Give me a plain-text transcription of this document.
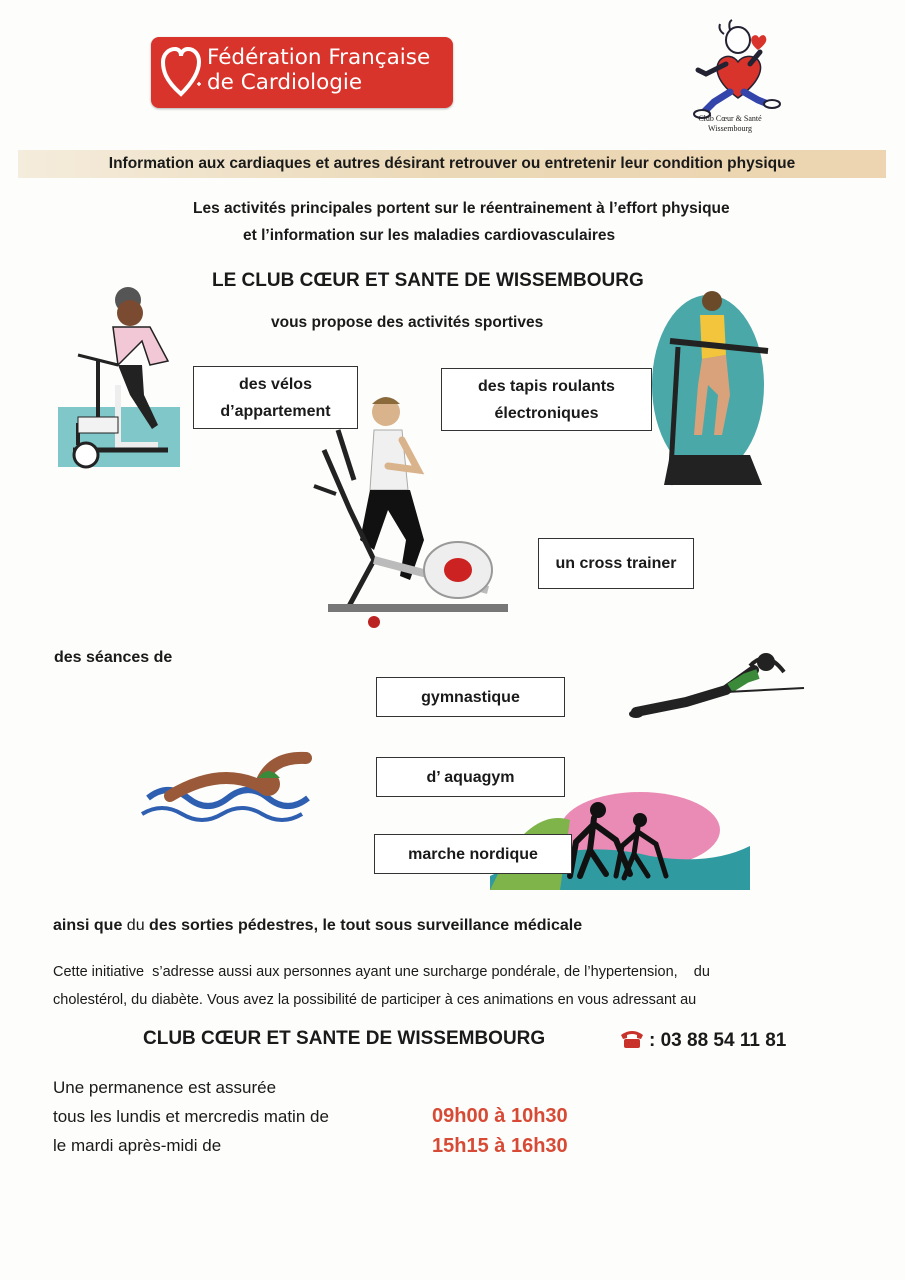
Fédération Française
de Cardiologie
Club Cœur & Santé
Wissembourg
Information aux cardiaques et autres désirant retrouver ou entretenir leur condition physique
Les activités principales portent sur le réentrainement à l’effort physique
et l’information sur les maladies cardiovasculaires
LE CLUB CŒUR ET SANTE DE WISSEMBOURG
vous propose des activités sportives
des vélos
d’appartement
des tapis roulants
électroniques
un cross trainer
des séances de
gymnastique
d’ aquagym
marche nordique
ainsi que du des sorties pédestres, le tout sous surveillance médicale
Cette initiative  s’adresse aussi aux personnes ayant une surcharge pondérale, de l’hypertension,    du
cholestérol, du diabète. Vous avez la possibilité de participer à ces animations en vous adressant au
CLUB CŒUR ET SANTE DE WISSEMBOURG	: 03 88 54 11 81
Une permanence est assurée
tous les lundis et mercredis matin de	09h00 à 10h30
le mardi après-midi de	15h15 à 16h30
